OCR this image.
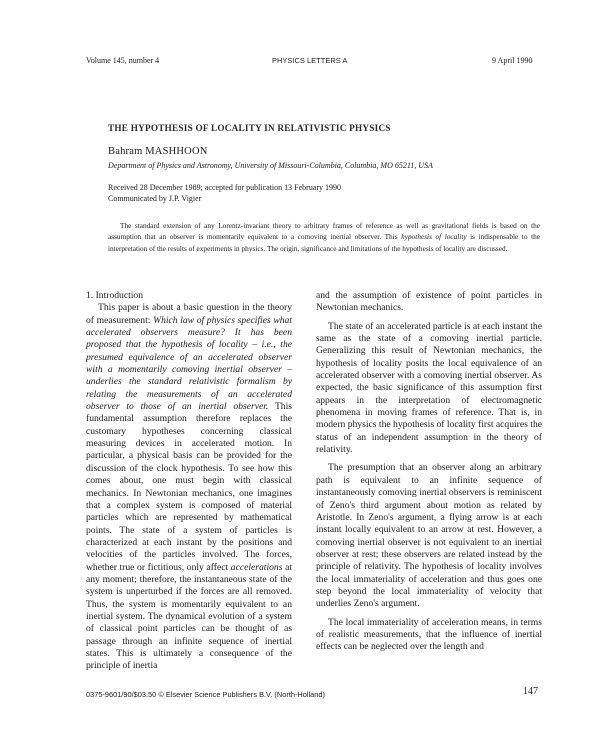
Volume 145, number 4	PHYSICS LETTERS A	9 April 1990
THE HYPOTHESIS OF LOCALITY IN RELATIVISTIC PHYSICS
Bahram MASHHOON
Department of Physics and Astronomy, University of Missouri-Columbia, Columbia, MO 65211, USA
Received 28 December 1989; accepted for publication 13 February 1990
Communicated by J.P. Vigier
The standard extension of any Lorentz-invariant theory to arbitrary frames of reference as well as gravitational fields is based on the assumption that an observer is momentarily equivalent to a comoving inertial observer. This hypothesis of locality is indispensable to the interpretation of the results of experiments in physics. The origin, significance and limitations of the hypothesis of locality are discussed.

1. Introduction

This paper is about a basic question in the theory of measurement: Which law of physics specifies what accelerated observers measure? It has been proposed that the hypothesis of locality – i.e., the presumed equivalence of an accelerated observer with a momentarily comoving inertial observer – underlies the standard relativistic formalism by relating the measurements of an accelerated observer to those of an inertial observer. This fundamental assumption therefore replaces the customary hypotheses concerning classical measuring devices in accelerated motion. In particular, a physical basis can be provided for the discussion of the clock hypothesis. To see how this comes about, one must begin with classical mechanics. In Newtonian mechanics, one imagines that a complex system is composed of material particles which are represented by mathematical points. The state of a system of particles is characterized at each instant by the positions and velocities of the particles involved. The forces, whether true or fictitious, only affect accelerations at any moment; therefore, the instantaneous state of the system is unperturbed if the forces are all removed. Thus, the system is momentarily equivalent to an inertial system. The dynamical evolution of a system of classical point particles can be thought of as passage through an infinite sequence of inertial states. This is ultimately a consequence of the principle of inertia

and the assumption of existence of point particles in Newtonian mechanics.

The state of an accelerated particle is at each instant the same as the state of a comoving inertial particle. Generalizing this result of Newtonian mechanics, the hypothesis of locality posits the local equivalence of an accelerated observer with a comoving inertial observer. As expected, the basic significance of this assumption first appears in the interpretation of electromagnetic phenomena in moving frames of reference. That is, in modern physics the hypothesis of locality first acquires the status of an independent assumption in the theory of relativity.

The presumption that an observer along an arbitrary path is equivalent to an infinite sequence of instantaneously comoving inertial observers is reminiscent of Zeno's third argument about motion as related by Aristotle. In Zeno's argument, a flying arrow is at each instant locally equivalent to an arrow at rest. However, a comoving inertial observer is not equivalent to an inertial observer at rest; these observers are related instead by the principle of relativity. The hypothesis of locality involves the local immateriality of acceleration and thus goes one step beyond the local immateriality of velocity that underlies Zeno's argument.

The local immateriality of acceleration means, in terms of realistic measurements, that the influence of inertial effects can be neglected over the length and

0375-9601/90/$03.50 © Elsevier Science Publishers B.V. (North-Holland)	147
